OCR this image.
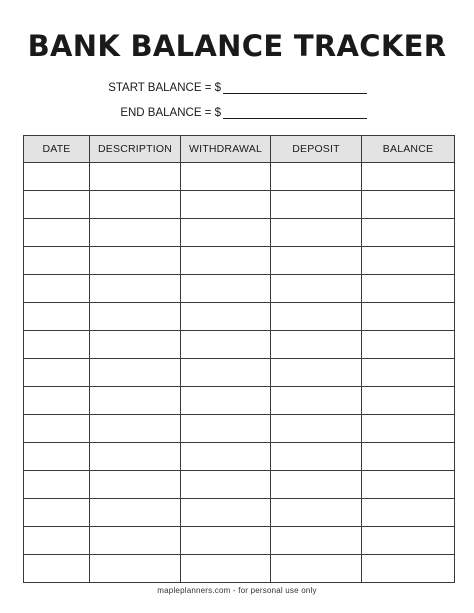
BANK BALANCE TRACKER
START BALANCE = $
END BALANCE = $
DATE	DESCRIPTION	WITHDRAWAL	DEPOSIT	BALANCE

mapleplanners.com - for personal use only
